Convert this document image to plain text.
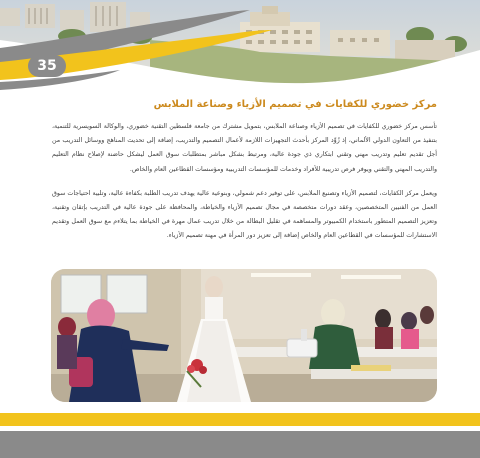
35
مركز خضوري للكفايات في تصميم الأزياء وصناعة الملابس

تأسس مركز خضوري للكفايات في تصميم الأزياء وصناعة الملابس، بتمويل مشترك من جامعة فلسطين التقنية خضوري، والوكالة السويسرية للتنمية، بتنفيذ من التعاون الدولي الألماني، إذ زُوِّد المركز بأحدث التجهيزات اللازمة لأعمال التصميم والتدريب، إضافة إلى تحديث المناهج ووسائل التدريب من أجل تقديم تعليم وتدريب مهني وتقني ابتكاري ذي جودة عالية، ومرتبط بشكل مباشر بمتطلبات سوق العمل ليشكل حاضنة لإصلاح نظام التعليم والتدريب المهني والتقني ويوفر فرص تدريبية للأفراد وخدمات للمؤسسات التدريبية ومؤسسات القطاعين العام والخاص.

ويعمل مركز الكفايات، لتصميم الأزياء وتصنيع الملابس، على توفير دعم شمولي، وبنوعية عالية يهدف تدريب الطلبة بكفاءة عالية، وتلبية احتياجات سوق العمل من الفنيين المتخصصين، وعقد دورات متخصصة في مجال تصميم الأزياء والخياطة، والمحافظة على جودة عالية في التدريب بإتقان وتقنية، وتعزيز التصميم المتطور باستخدام الكمبيوتر والمساهمة في تقليل البطالة من خلال تدريب عمال مهرة في الخياطة بما يتلاءم مع سوق العمل وتقديم الاستشارات للمؤسسات في القطاعين العام والخاص إضافة إلى تعزيز دور المرأة في مهنة تصميم الأزياء.
